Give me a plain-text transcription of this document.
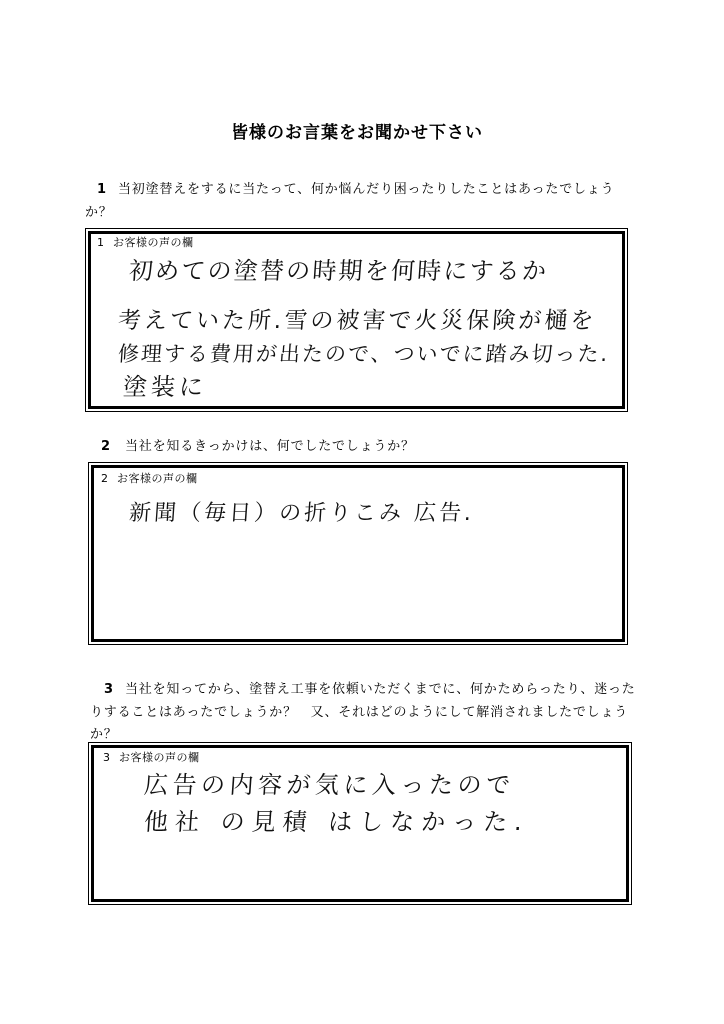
皆様のお言葉をお聞かせ下さい
1 当初塗替えをするに当たって、何か悩んだり困ったりしたことはあったでしょう
か？
1 お客様の声の欄
初めての塗替の時期を何時にするか
考えていた所.雪の被害で火災保険が樋を
修理する費用が出たので、ついでに踏み切った.
塗装に
2 当社を知るきっかけは、何でしたでしょうか？
2 お客様の声の欄
新聞（毎日）の折りこみ 広告.
3 当社を知ってから、塗替え工事を依頼いただくまでに、何かためらったり、迷った
りすることはあったでしょうか？　又、それはどのようにして解消されましたでしょう
か？
3 お客様の声の欄
広告の内容が気に入ったので
他社 の見積 はしなかった.
